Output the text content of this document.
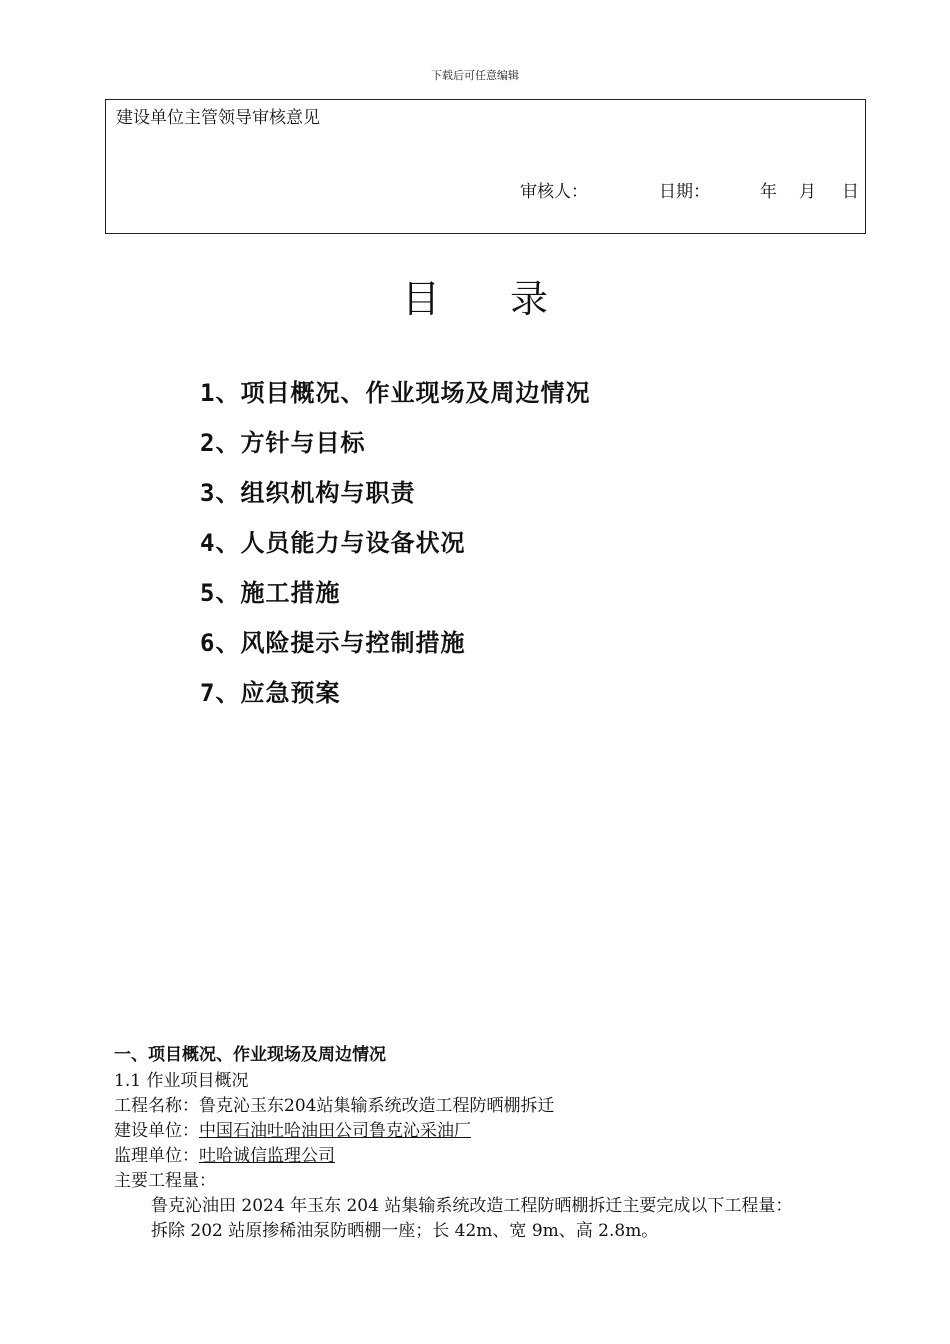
下载后可任意编辑
建设单位主管领导审核意见
审核人：	日期：	年 月 日
目录
1、项目概况、作业现场及周边情况
2、方针与目标
3、组织机构与职责
4、人员能力与设备状况
5、施工措施
6、风险提示与控制措施
7、应急预案
一、项目概况、作业现场及周边情况
1.1 作业项目概况
工程名称：鲁克沁玉东204站集输系统改造工程防晒棚拆迁
建设单位：中国石油吐哈油田公司鲁克沁采油厂
监理单位：吐哈诚信监理公司
主要工程量：
鲁克沁油田 2024 年玉东 204 站集输系统改造工程防晒棚拆迁主要完成以下工程量：
拆除 202 站原掺稀油泵防晒棚一座；长 42m、宽 9m、高 2.8m。
